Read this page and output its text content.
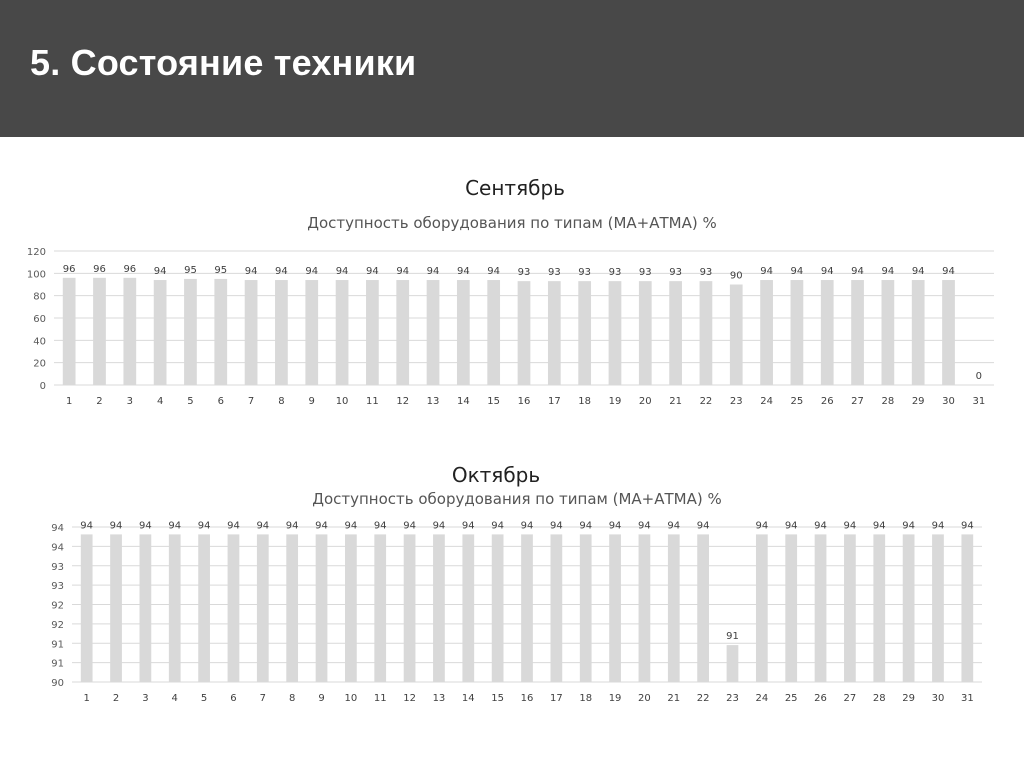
5. Состояние техники
Сентябрь
Доступность оборудования по типам (МА+АТМА) %
0
20
40
60
80
100
120
96
1
96
2
96
3
94
4
95
5
95
6
94
7
94
8
94
9
94
10
94
11
94
12
94
13
94
14
94
15
93
16
93
17
93
18
93
19
93
20
93
21
93
22
90
23
94
24
94
25
94
26
94
27
94
28
94
29
94
30
0
31
Октябрь
Доступность оборудования по типам (МА+АТМА) %
90
91
91
92
92
93
93
94
94 94
1
94
2
94
3
94
4
94
5
94
6
94
7
94
8
94
9
94
10
94
11
94
12
94
13
94
14
94
15
94
16
94
17
94
18
94
19
94
20
94
21
94
22
91
23
94
24
94
25
94
26
94
27
94
28
94
29
94
30
94
31
